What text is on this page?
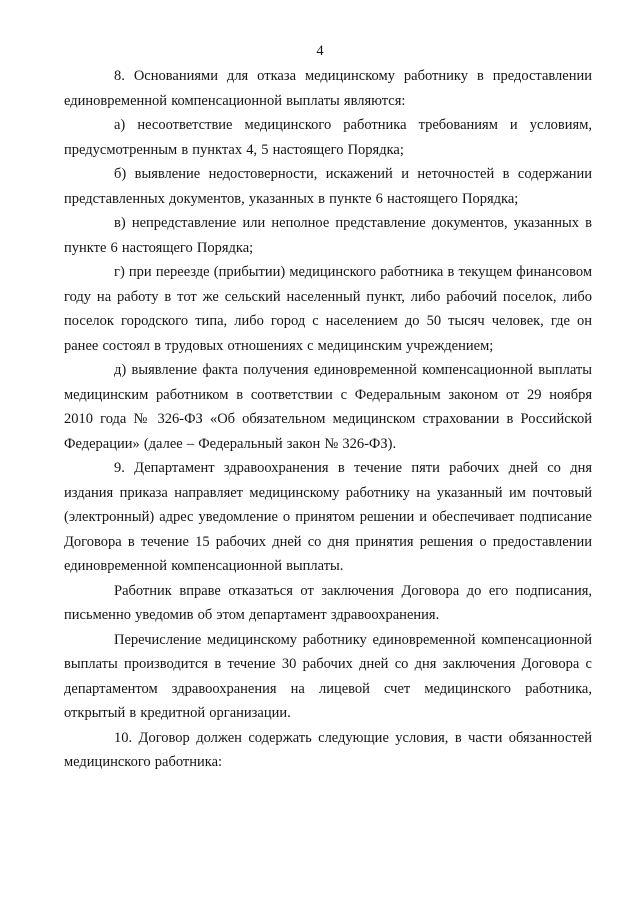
4

8. Основаниями для отказа медицинскому работнику в предоставлении единовременной компенсационной выплаты являются:

а) несоответствие медицинского работника требованиям и условиям, предусмотренным в пунктах 4, 5 настоящего Порядка;

б) выявление недостоверности, искажений и неточностей в содержании представленных документов, указанных в пункте 6 настоящего Порядка;

в) непредставление или неполное представление документов, указанных в пункте 6 настоящего Порядка;

г) при переезде (прибытии) медицинского работника в текущем финансовом году на работу в тот же сельский населенный пункт, либо рабочий поселок, либо поселок городского типа, либо город с населением до 50 тысяч человек, где он ранее состоял в трудовых отношениях с медицинским учреждением;

д) выявление факта получения единовременной компенсационной выплаты медицинским работником в соответствии с Федеральным законом от 29 ноября 2010 года № 326-ФЗ «Об обязательном медицинском страховании в Российской Федерации» (далее – Федеральный закон № 326-ФЗ).

9. Департамент здравоохранения в течение пяти рабочих дней со дня издания приказа направляет медицинскому работнику на указанный им почтовый (электронный) адрес уведомление о принятом решении и обеспечивает подписание Договора в течение 15 рабочих дней со дня принятия решения о предоставлении единовременной компенсационной выплаты.

Работник вправе отказаться от заключения Договора до его подписания, письменно уведомив об этом департамент здравоохранения.

Перечисление медицинскому работнику единовременной компенсационной выплаты производится в течение 30 рабочих дней со дня заключения Договора с департаментом здравоохранения на лицевой счет медицинского работника, открытый в кредитной организации.

10. Договор должен содержать следующие условия, в части обязанностей медицинского работника:
